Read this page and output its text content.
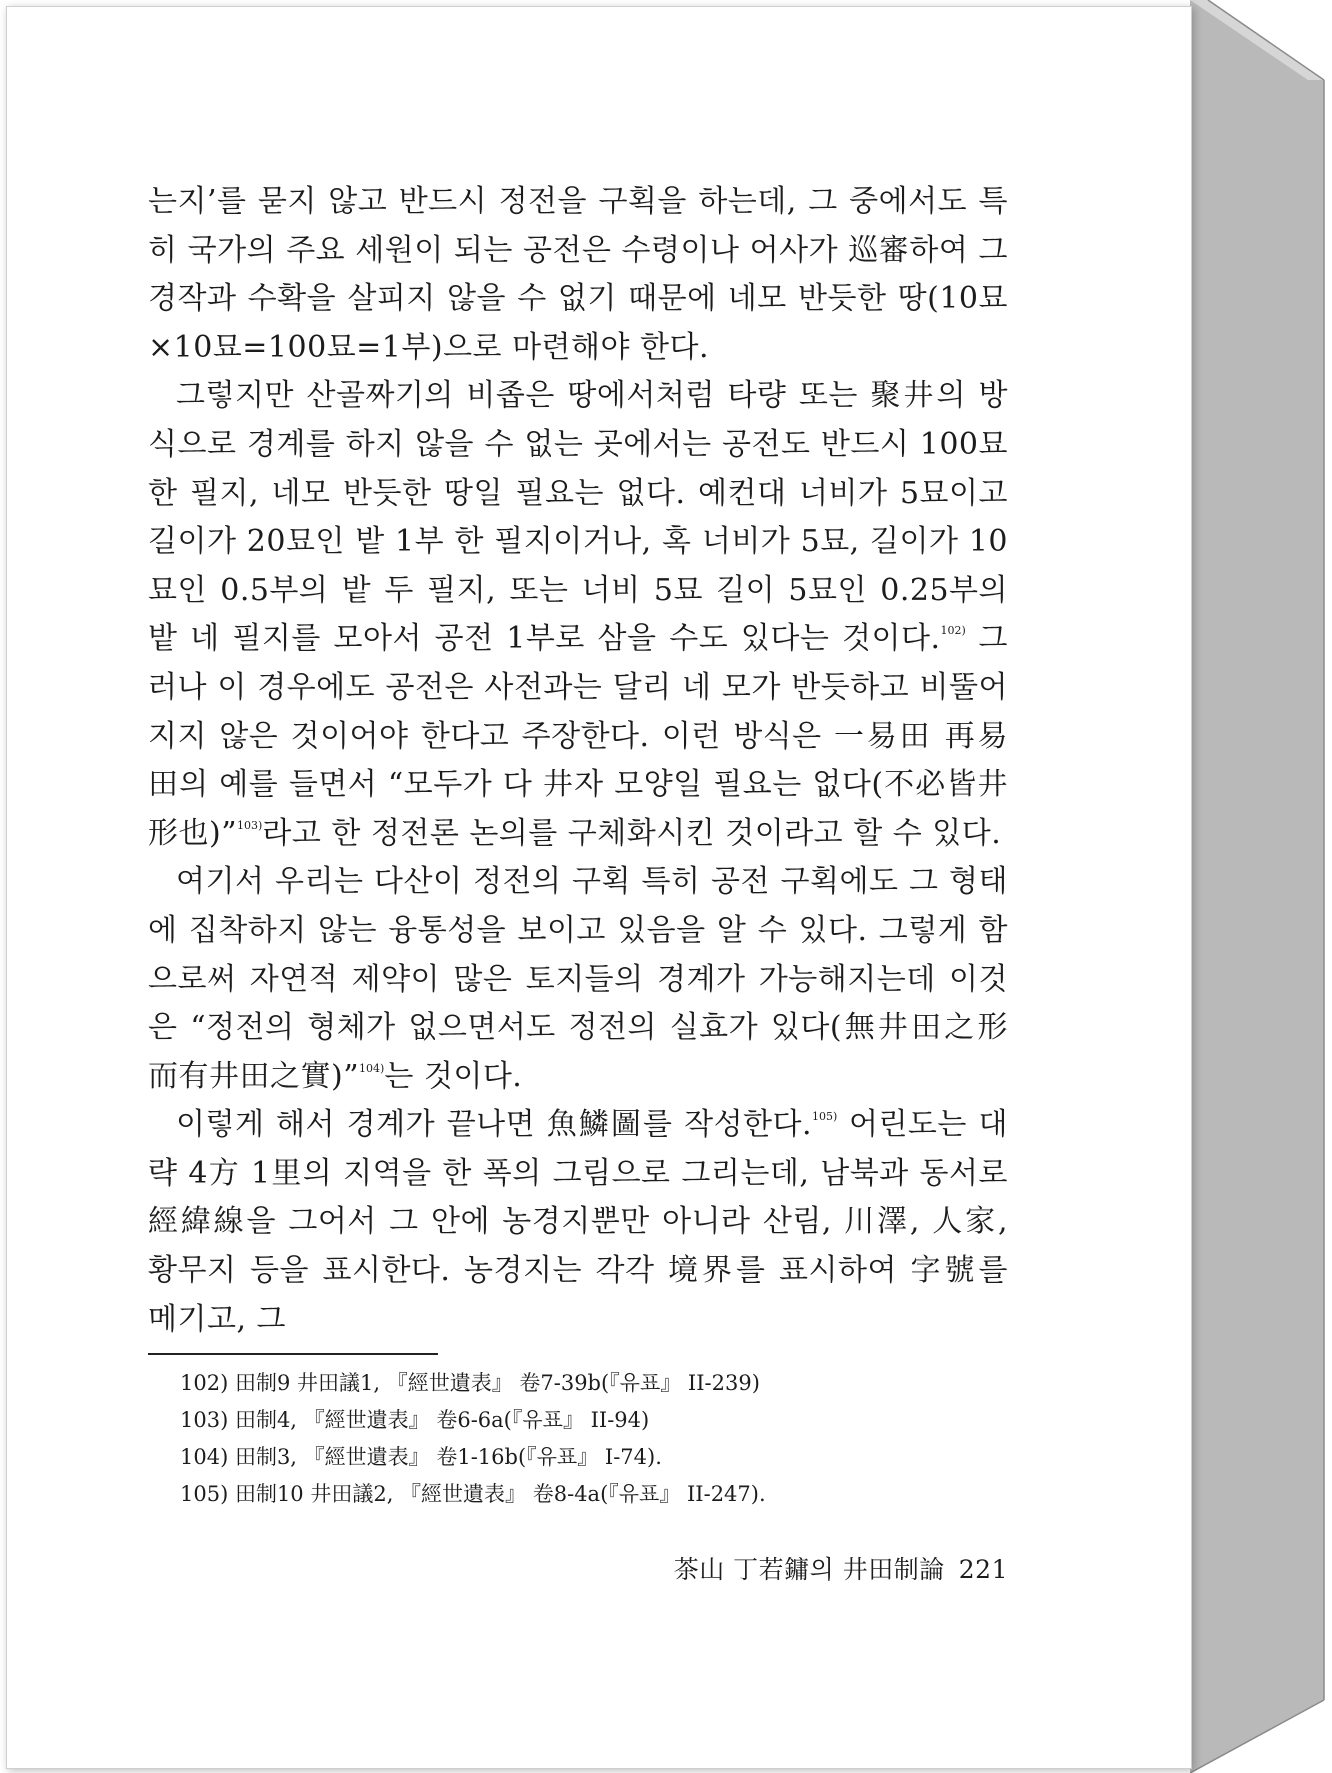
는지’를 묻지 않고 반드시 정전을 구획을 하는데, 그 중에서도 특히 국가의 주요 세원이 되는 공전은 수령이나 어사가 巡審하여 그 경작과 수확을 살피지 않을 수 없기 때문에 네모 반듯한 땅(10묘×10묘=100묘=1부)으로 마련해야 한다.

그렇지만 산골짜기의 비좁은 땅에서처럼 타량 또는 聚井의 방식으로 경계를 하지 않을 수 없는 곳에서는 공전도 반드시 100묘 한 필지, 네모 반듯한 땅일 필요는 없다. 예컨대 너비가 5묘이고 길이가 20묘인 밭 1부 한 필지이거나, 혹 너비가 5묘, 길이가 10묘인 0.5부의 밭 두 필지, 또는 너비 5묘 길이 5묘인 0.25부의 밭 네 필지를 모아서 공전 1부로 삼을 수도 있다는 것이다.$^{102)}$ 그러나 이 경우에도 공전은 사전과는 달리 네 모가 반듯하고 비뚤어지지 않은 것이어야 한다고 주장한다. 이런 방식은 一易田 再易田의 예를 들면서 “모두가 다 井자 모양일 필요는 없다(不必皆井形也)”$^{103)}$라고 한 정전론 논의를 구체화시킨 것이라고 할 수 있다.

여기서 우리는 다산이 정전의 구획 특히 공전 구획에도 그 형태에 집착하지 않는 융통성을 보이고 있음을 알 수 있다. 그렇게 함으로써 자연적 제약이 많은 토지들의 경계가 가능해지는데 이것은 “정전의 형체가 없으면서도 정전의 실효가 있다(無井田之形 而有井田之實)”$^{104)}$는 것이다.

이렇게 해서 경계가 끝나면 魚鱗圖를 작성한다.$^{105)}$ 어린도는 대략 4方 1里의 지역을 한 폭의 그림으로 그리는데, 남북과 동서로 經緯線을 그어서 그 안에 농경지뿐만 아니라 산림, 川澤, 人家, 황무지 등을 표시한다. 농경지는 각각 境界를 표시하여 字號를 메기고, 그

102) 田制9 井田議1, 『經世遺表』 卷7-39b(『유표』 II-239)
103) 田制4, 『經世遺表』 卷6-6a(『유표』 II-94)
104) 田制3, 『經世遺表』 卷1-16b(『유표』 I-74).
105) 田制10 井田議2, 『經世遺表』 卷8-4a(『유표』 II-247).
茶山 丁若鏞의 井田制論 221
